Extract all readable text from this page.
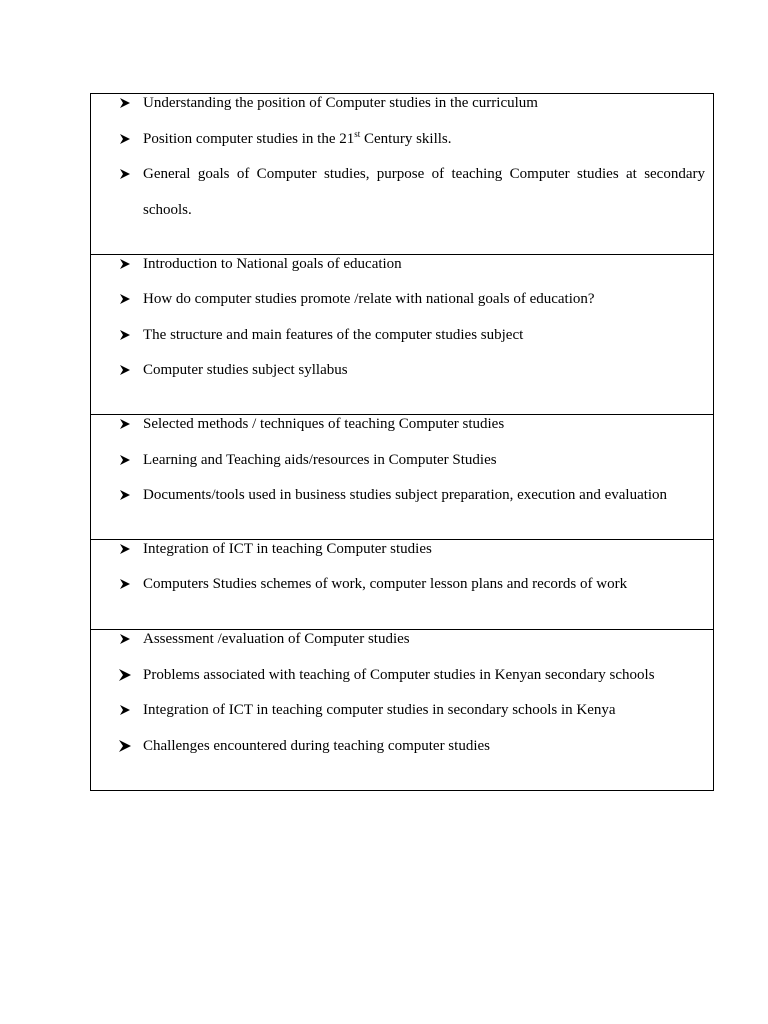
Understanding the position of Computer studies in the curriculum
Position computer studies in the 21st Century skills.
General goals of Computer studies, purpose of teaching Computer studies at secondary schools.

Introduction to National goals of education
How do computer studies promote /relate with national goals of education?
The structure and main features of the computer studies subject
Computer studies subject syllabus

Selected methods / techniques of teaching Computer studies
Learning and Teaching aids/resources in Computer Studies
Documents/tools used in business studies subject preparation, execution and evaluation

Integration of ICT in teaching Computer studies
Computers Studies schemes of work, computer lesson plans and records of work

Assessment /evaluation of Computer studies
Problems associated with teaching of Computer studies in Kenyan secondary schools
Integration of ICT in teaching computer studies in secondary schools in Kenya
Challenges encountered during teaching computer studies
